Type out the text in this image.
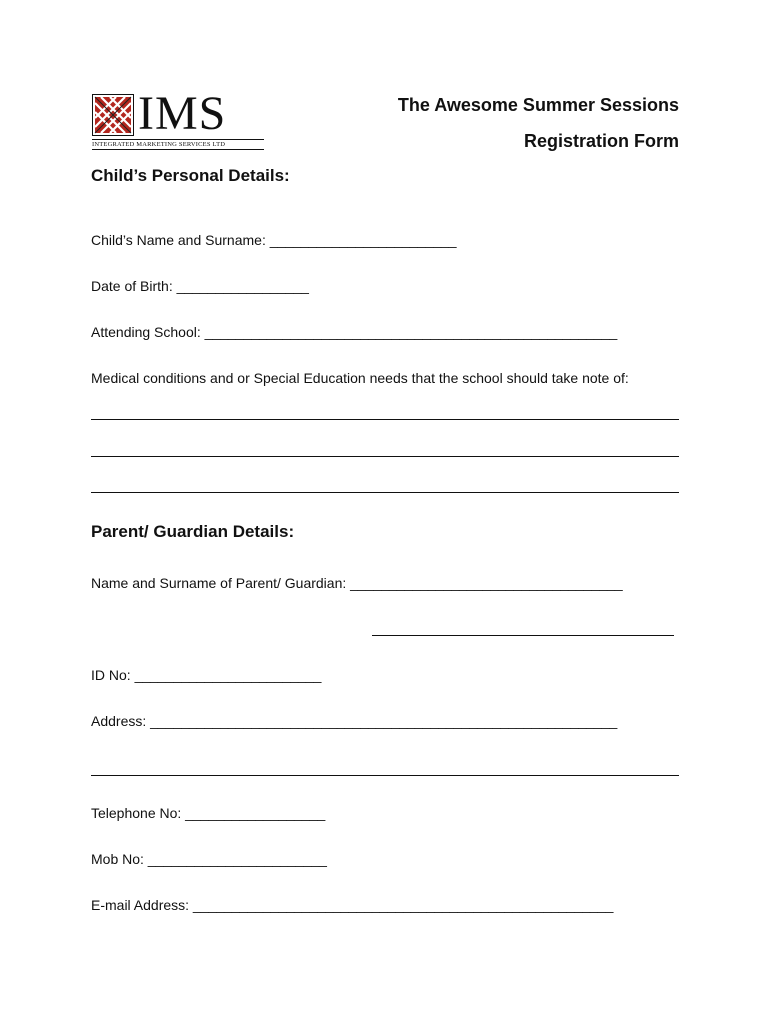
IMS
INTEGRATED MARKETING SERVICES LTD
The Awesome Summer Sessions
Registration Form
Child’s Personal Details:
Child’s Name and Surname: ________________________
Date of Birth: _________________
Attending School: _____________________________________________________
Medical conditions and or Special Education needs that the school should take note of:
Parent/ Guardian Details:
Name and Surname of Parent/ Guardian: ___________________________________
ID No: ________________________
Address: ____________________________________________________________
Telephone No: __________________
Mob No: _______________________
E-mail Address: ______________________________________________________
